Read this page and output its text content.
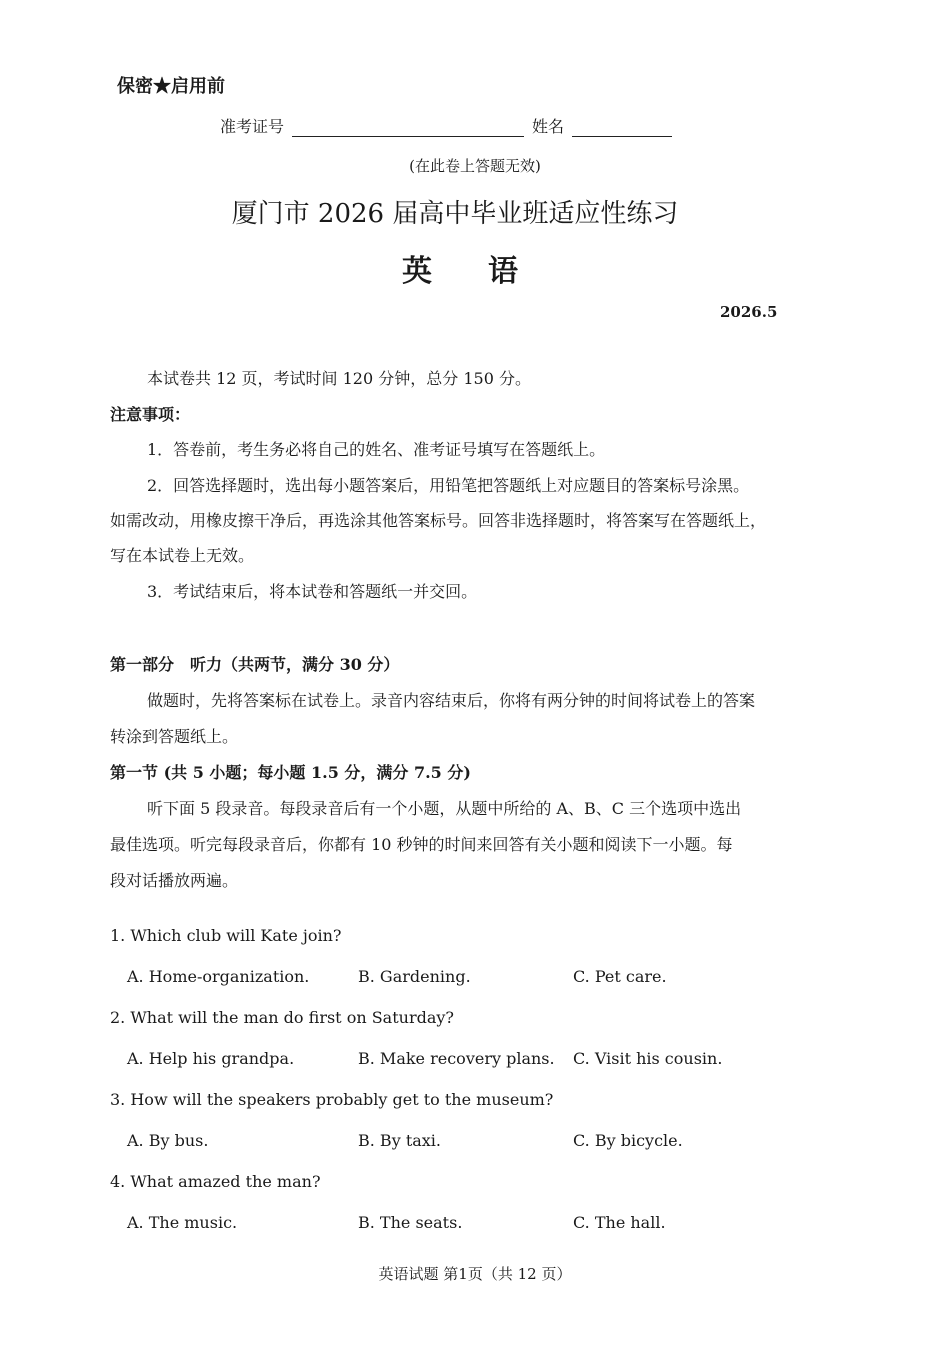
保密★启用前
准考证号	姓名
(在此卷上答题无效)
厦门市 2026 届高中毕业班适应性练习
英语
2026.5
本试卷共 12 页，考试时间 120 分钟，总分 150 分。
注意事项：
1．答卷前，考生务必将自己的姓名、准考证号填写在答题纸上。
2．回答选择题时，选出每小题答案后，用铅笔把答题纸上对应题目的答案标号涂黑。
如需改动，用橡皮擦干净后，再选涂其他答案标号。回答非选择题时，将答案写在答题纸上，
写在本试卷上无效。
3．考试结束后，将本试卷和答题纸一并交回。
第一部分　听力（共两节，满分 30 分）
做题时，先将答案标在试卷上。录音内容结束后，你将有两分钟的时间将试卷上的答案
转涂到答题纸上。
第一节 (共 5 小题；每小题 1.5 分，满分 7.5 分)
听下面 5 段录音。每段录音后有一个小题，从题中所给的 A、B、C 三个选项中选出
最佳选项。听完每段录音后，你都有 10 秒钟的时间来回答有关小题和阅读下一小题。每
段对话播放两遍。
1. Which club will Kate join?
A. Home-organization.	B. Gardening.	C. Pet care.
2. What will the man do first on Saturday?
A. Help his grandpa.	B. Make recovery plans. C. Visit his cousin.
3. How will the speakers probably get to the museum?
A. By bus.	B. By taxi.	C. By bicycle.
4. What amazed the man?
A. The music.	B. The seats.	C. The hall.
英语试题 第1页（共 12 页）
